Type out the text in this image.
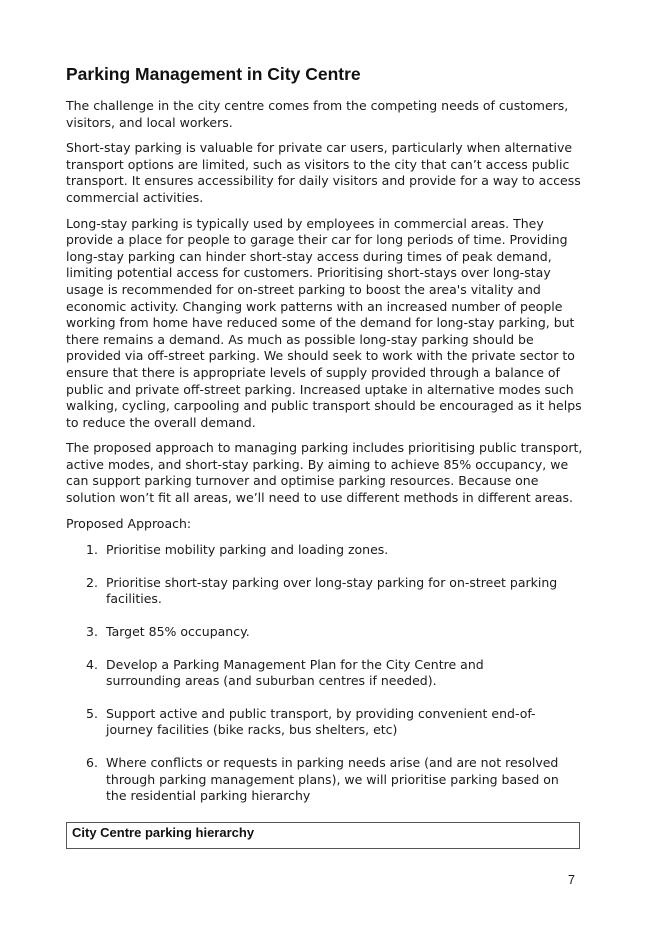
Parking Management in City Centre

The challenge in the city centre comes from the competing needs of customers, visitors, and local workers.

Short-stay parking is valuable for private car users, particularly when alternative transport options are limited, such as visitors to the city that can’t access public transport. It ensures accessibility for daily visitors and provide for a way to access commercial activities.

Long-stay parking is typically used by employees in commercial areas. They provide a place for people to garage their car for long periods of time. Providing long-stay parking can hinder short-stay access during times of peak demand, limiting potential access for customers. Prioritising short-stays over long-stay usage is recommended for on-street parking to boost the area's vitality and economic activity. Changing work patterns with an increased number of people working from home have reduced some of the demand for long-stay parking, but there remains a demand. As much as possible long-stay parking should be provided via off-street parking. We should seek to work with the private sector to ensure that there is appropriate levels of supply provided through a balance of public and private off-street parking. Increased uptake in alternative modes such walking, cycling, carpooling and public transport should be encouraged as it helps to reduce the overall demand.

The proposed approach to managing parking includes prioritising public transport, active modes, and short-stay parking. By aiming to achieve 85% occupancy, we can support parking turnover and optimise parking resources. Because one solution won’t fit all areas, we’ll need to use different methods in different areas.

Proposed Approach:

1. Prioritise mobility parking and loading zones.
2. Prioritise short-stay parking over long-stay parking for on-street parking facilities.
3. Target 85% occupancy.
4. Develop a Parking Management Plan for the City Centre and surrounding areas (and suburban centres if needed).
5. Support active and public transport, by providing convenient end-of-journey facilities (bike racks, bus shelters, etc)
6. Where conflicts or requests in parking needs arise (and are not resolved through parking management plans), we will prioritise parking based on the residential parking hierarchy
City Centre parking hierarchy
7
